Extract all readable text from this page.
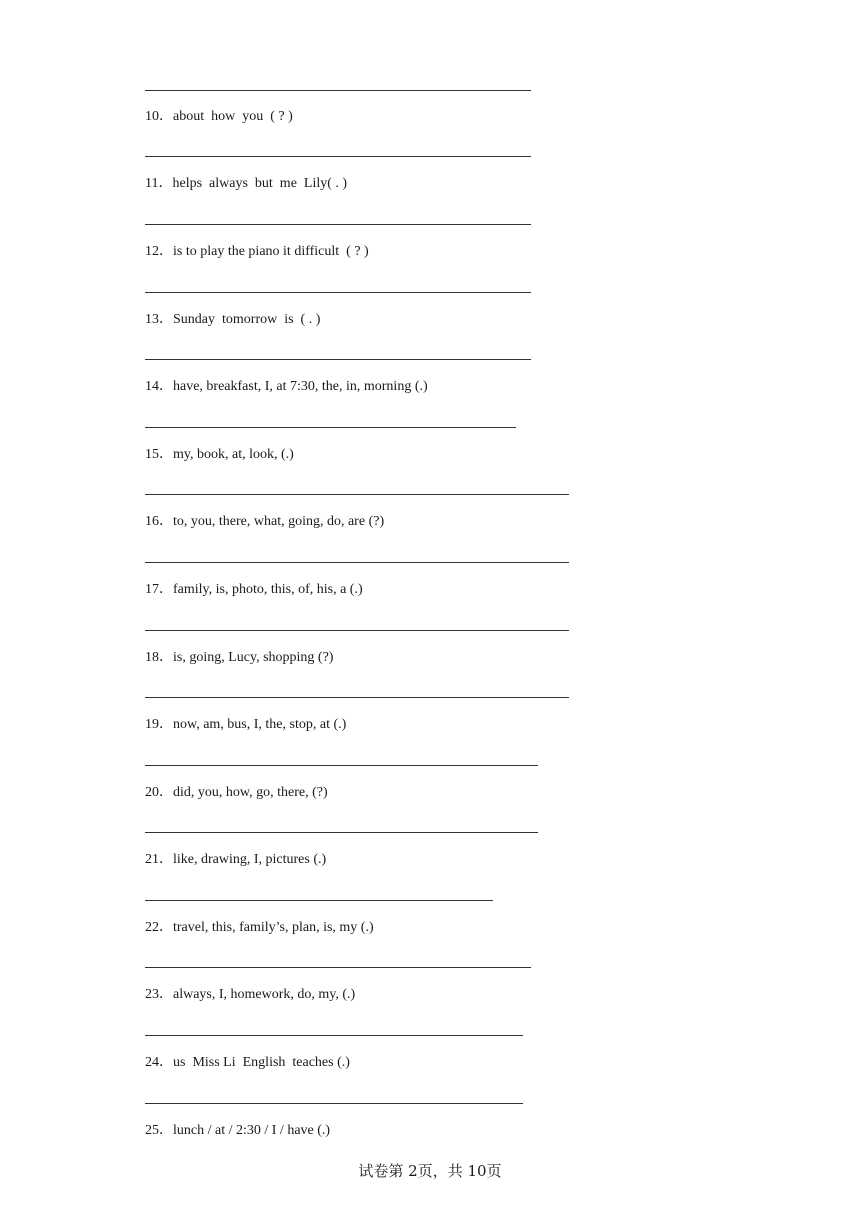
10．about  how  you  ( ? )
11．helps  always  but  me  Lily( . )
12．is to play the piano it difficult  ( ? )
13．Sunday  tomorrow  is  ( . )
14．have, breakfast, I, at 7:30, the, in, morning (.)
15．my, book, at, look, (.)
16．to, you, there, what, going, do, are (?)
17．family, is, photo, this, of, his, a (.)
18．is, going, Lucy, shopping (?)
19．now, am, bus, I, the, stop, at (.)
20．did, you, how, go, there, (?)
21．like, drawing, I, pictures (.)
22．travel, this, family’s, plan, is, my (.)
23．always, I, homework, do, my, (.)
24．us  Miss Li  English  teaches (.)
25．lunch / at / 2:30 / I / have (.)
试卷第 2页，共 10页
